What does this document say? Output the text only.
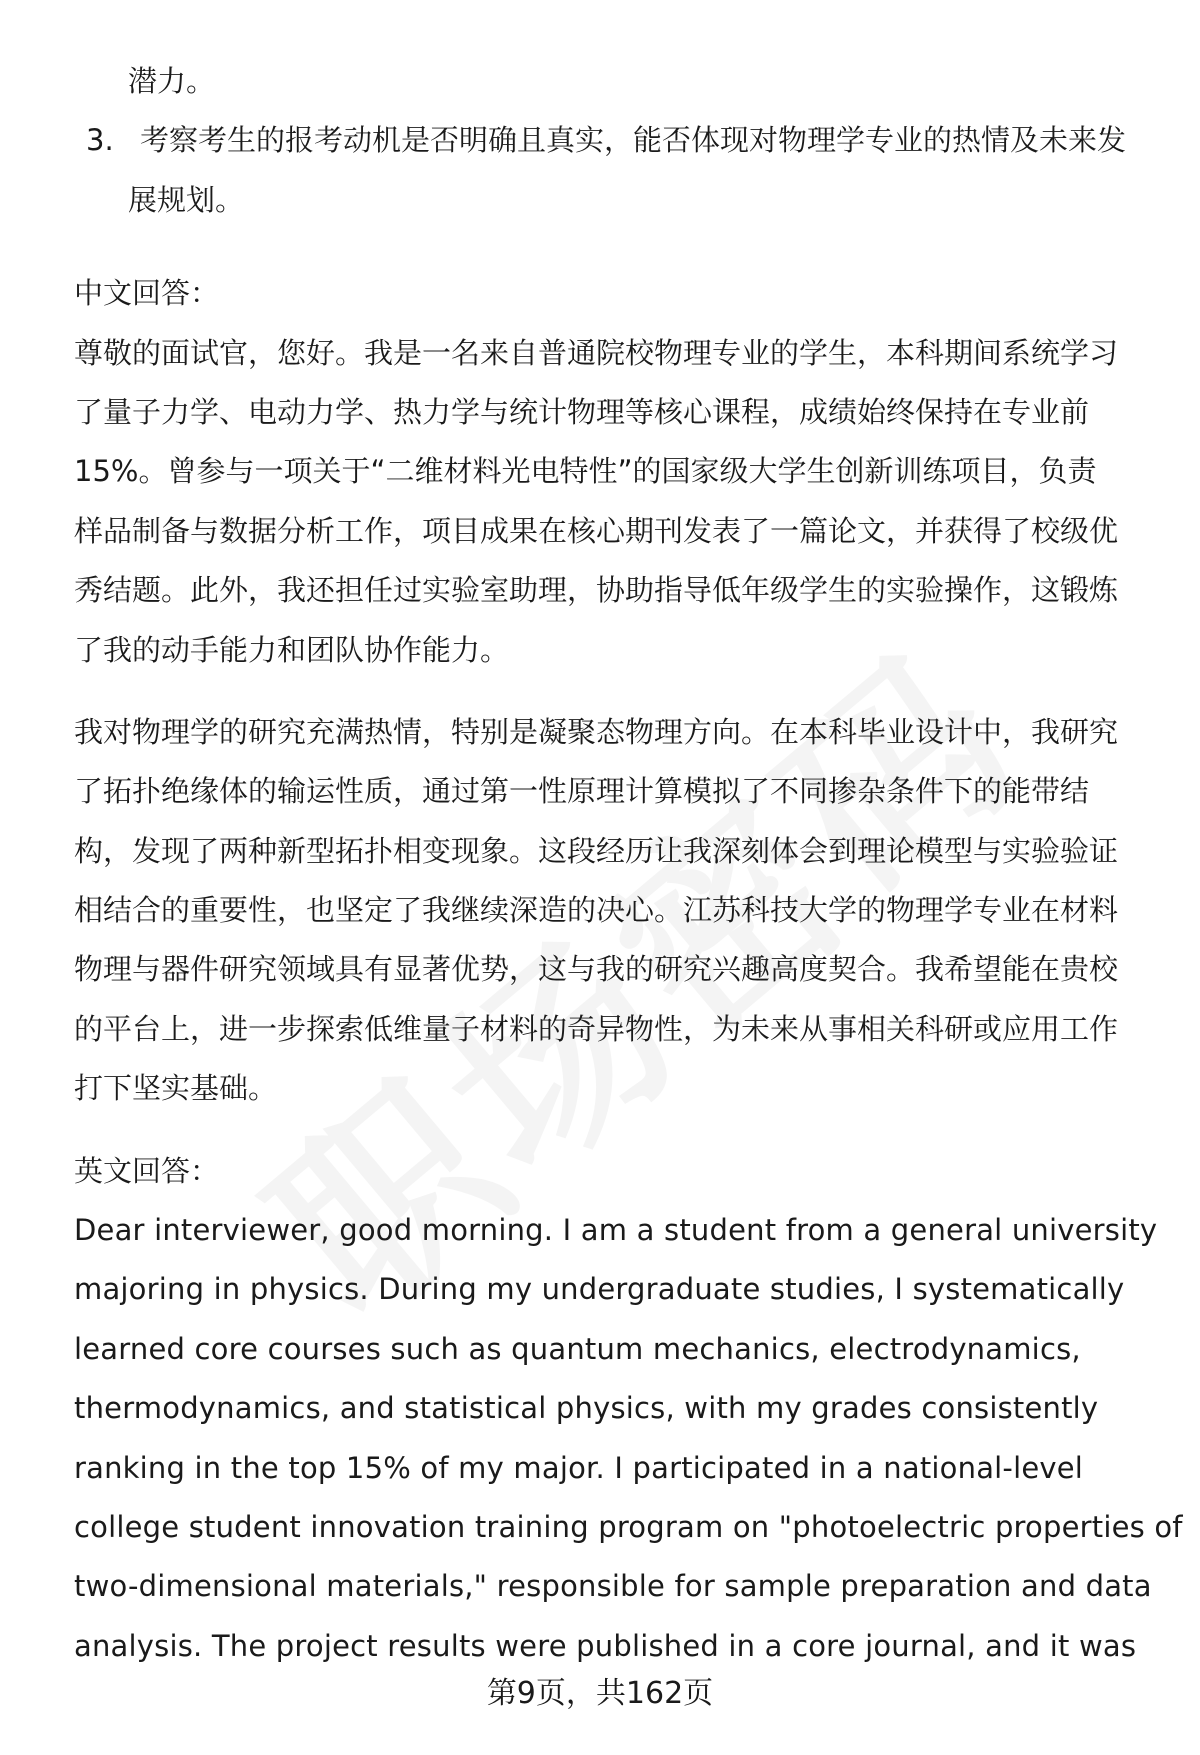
潜力。
3. 考察考生的报考动机是否明确且真实，能否体现对物理学专业的热情及未来发
展规划。
中文回答：
尊敬的面试官，您好。我是一名来自普通院校物理专业的学生，本科期间系统学习
了量子力学、电动力学、热力学与统计物理等核心课程，成绩始终保持在专业前
15%。曾参与一项关于“二维材料光电特性”的国家级大学生创新训练项目，负责
样品制备与数据分析工作，项目成果在核心期刊发表了一篇论文，并获得了校级优
秀结题。此外，我还担任过实验室助理，协助指导低年级学生的实验操作，这锻炼
了我的动手能力和团队协作能力。
我对物理学的研究充满热情，特别是凝聚态物理方向。在本科毕业设计中，我研究
了拓扑绝缘体的输运性质，通过第一性原理计算模拟了不同掺杂条件下的能带结
构，发现了两种新型拓扑相变现象。这段经历让我深刻体会到理论模型与实验验证
相结合的重要性，也坚定了我继续深造的决心。江苏科技大学的物理学专业在材料
物理与器件研究领域具有显著优势，这与我的研究兴趣高度契合。我希望能在贵校
的平台上，进一步探索低维量子材料的奇异物性，为未来从事相关科研或应用工作
打下坚实基础。
英文回答：
Dear interviewer, good morning. I am a student from a general university
majoring in physics. During my undergraduate studies, I systematically
learned core courses such as quantum mechanics, electrodynamics,
thermodynamics, and statistical physics, with my grades consistently
ranking in the top 15% of my major. I participated in a national-level
college student innovation training program on "photoelectric properties of
two-dimensional materials," responsible for sample preparation and data
analysis. The project results were published in a core journal, and it was
第9页，共162页
